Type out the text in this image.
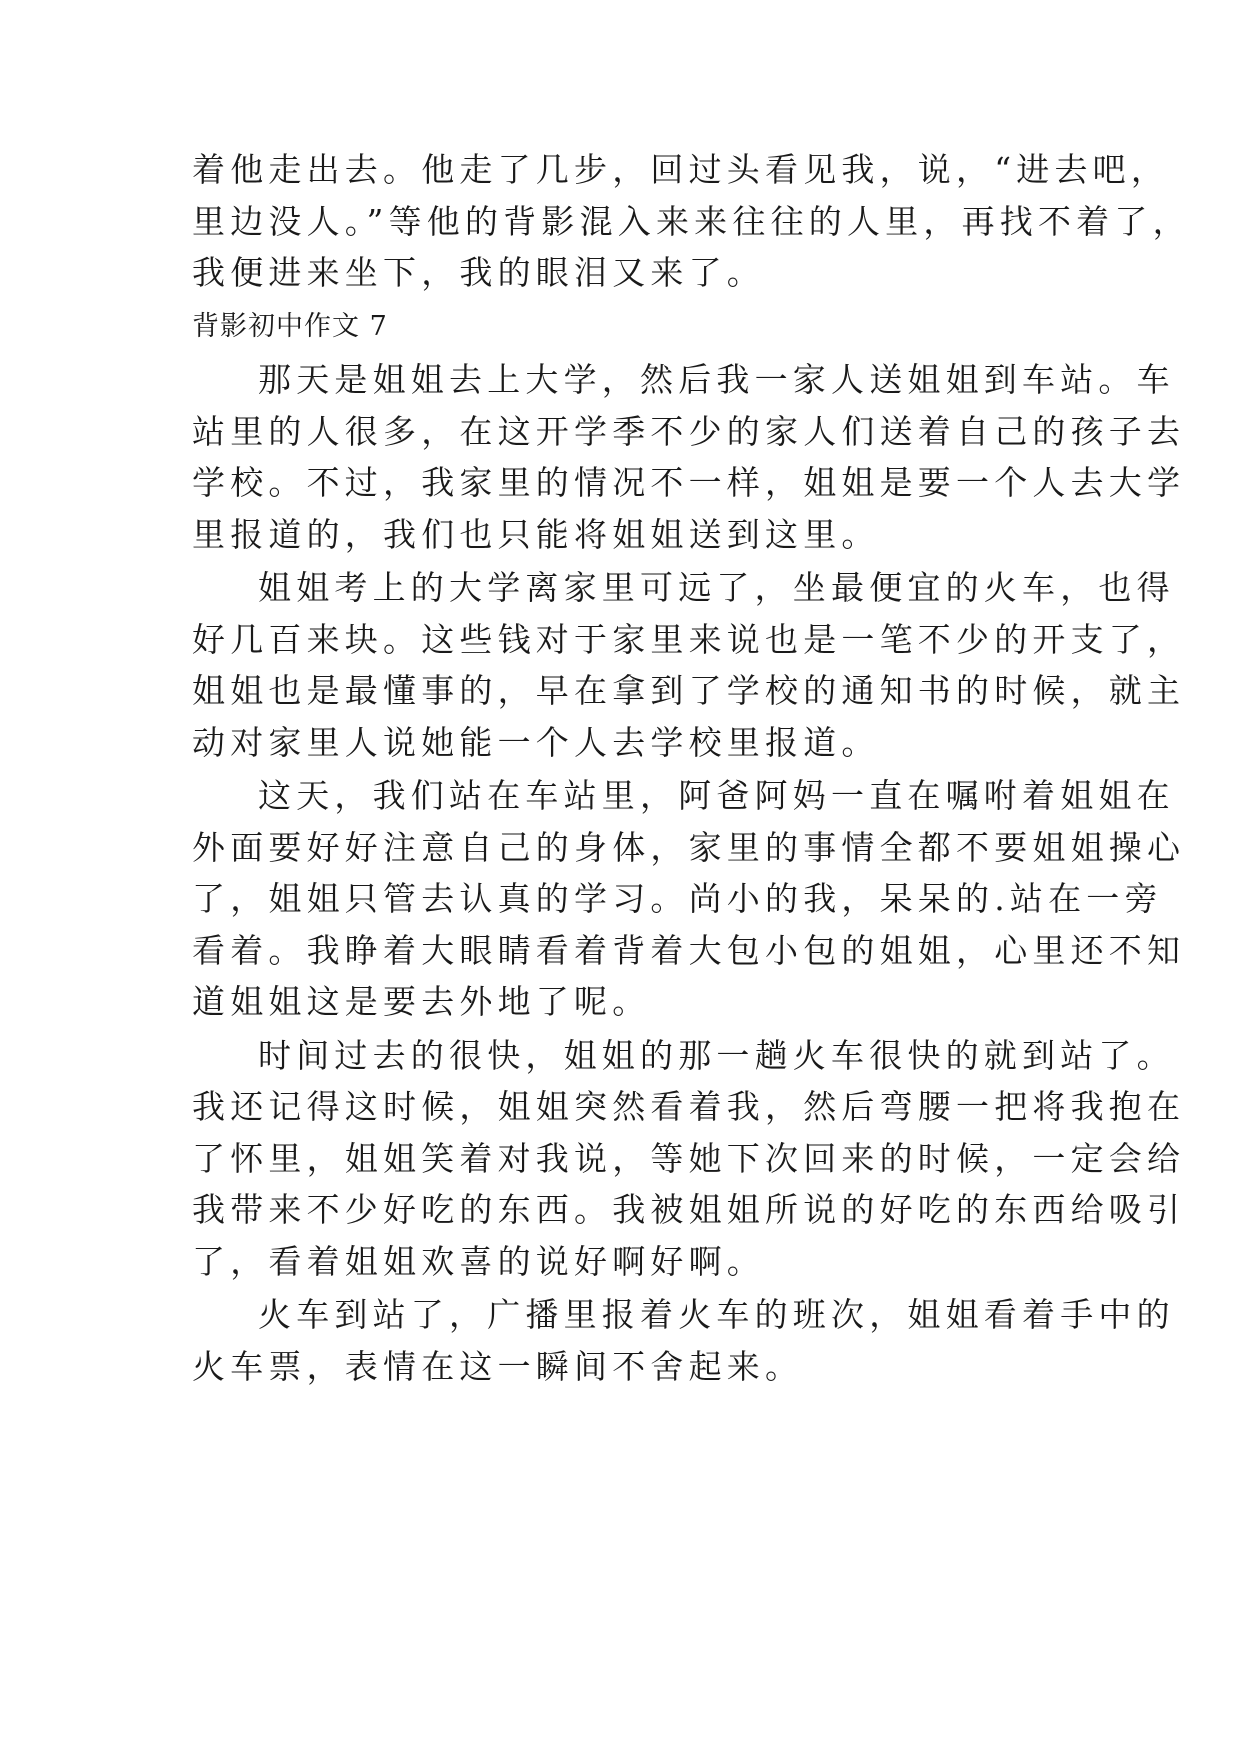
着他走出去。他走了几步，回过头看见我，说，“进去吧，
里边没人。”等他的背影混入来来往往的人里，再找不着了，
我便进来坐下，我的眼泪又来了。
背影初中作文 7
那天是姐姐去上大学，然后我一家人送姐姐到车站。车
站里的人很多，在这开学季不少的家人们送着自己的孩子去
学校。不过，我家里的情况不一样，姐姐是要一个人去大学
里报道的，我们也只能将姐姐送到这里。
姐姐考上的大学离家里可远了，坐最便宜的火车，也得
好几百来块。这些钱对于家里来说也是一笔不少的开支了，
姐姐也是最懂事的，早在拿到了学校的通知书的时候，就主
动对家里人说她能一个人去学校里报道。
这天，我们站在车站里，阿爸阿妈一直在嘱咐着姐姐在
外面要好好注意自己的身体，家里的事情全都不要姐姐操心
了，姐姐只管去认真的学习。尚小的我，呆呆的.站在一旁
看着。我睁着大眼睛看着背着大包小包的姐姐，心里还不知
道姐姐这是要去外地了呢。
时间过去的很快，姐姐的那一趟火车很快的就到站了。
我还记得这时候，姐姐突然看着我，然后弯腰一把将我抱在
了怀里，姐姐笑着对我说，等她下次回来的时候，一定会给
我带来不少好吃的东西。我被姐姐所说的好吃的东西给吸引
了，看着姐姐欢喜的说好啊好啊。
火车到站了，广播里报着火车的班次，姐姐看着手中的
火车票，表情在这一瞬间不舍起来。
